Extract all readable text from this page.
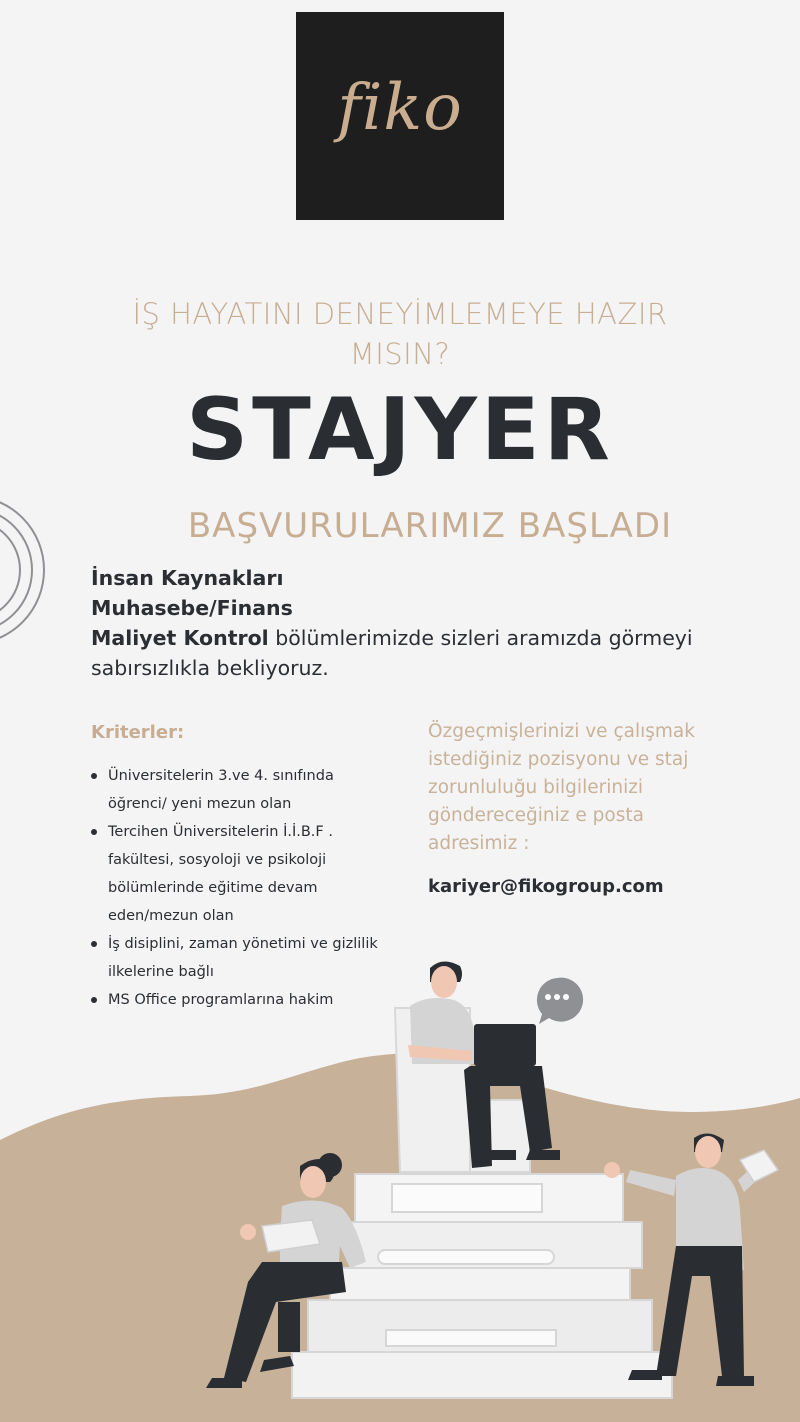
fiko
İŞ HAYATINI DENEYİMLEMEYE HAZIR MISIN?
STAJYER
BAŞVURULARIMIZ BAŞLADI
İnsan Kaynakları
Muhasebe/Finans
Maliyet Kontrol bölümlerimizde sizleri aramızda görmeyi sabırsızlıkla bekliyoruz.
Kriterler:
Üniversitelerin 3.ve 4. sınıfında öğrenci/ yeni mezun olan
Tercihen Üniversitelerin İ.İ.B.F . fakültesi, sosyoloji ve psikoloji bölümlerinde eğitime devam eden/mezun olan
İş disiplini, zaman yönetimi ve gizlilik ilkelerine bağlı
MS Office programlarına hakim
Özgeçmişlerinizi ve çalışmak istediğiniz pozisyonu ve staj zorunluluğu bilgilerinizi göndereceğiniz e posta adresimiz :
kariyer@fikogroup.com
